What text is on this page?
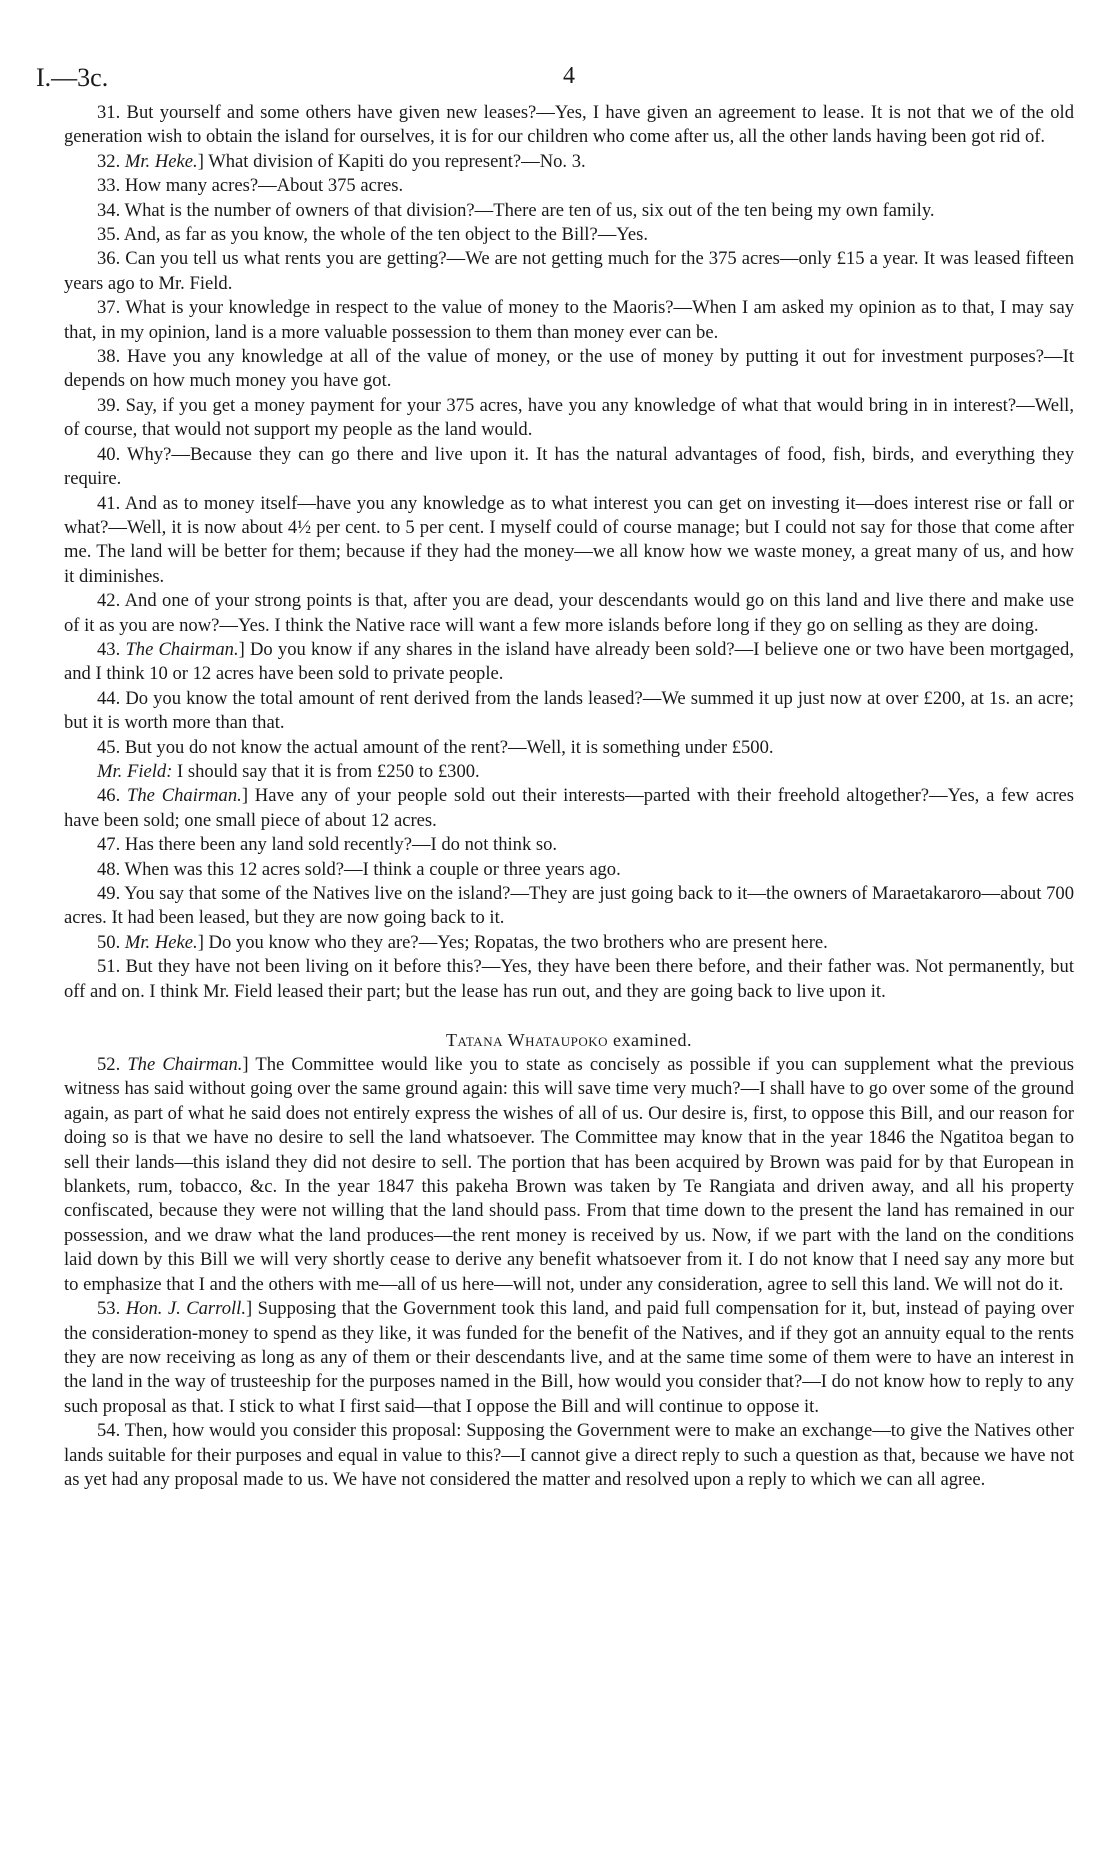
I.—3c.	4

31. But yourself and some others have given new leases?—Yes, I have given an agreement to lease. It is not that we of the old generation wish to obtain the island for ourselves, it is for our children who come after us, all the other lands having been got rid of.

32. Mr. Heke.] What division of Kapiti do you represent?—No. 3.

33. How many acres?—About 375 acres.

34. What is the number of owners of that division?—There are ten of us, six out of the ten being my own family.

35. And, as far as you know, the whole of the ten object to the Bill?—Yes.

36. Can you tell us what rents you are getting?—We are not getting much for the 375 acres—only £15 a year. It was leased fifteen years ago to Mr. Field.

37. What is your knowledge in respect to the value of money to the Maoris?—When I am asked my opinion as to that, I may say that, in my opinion, land is a more valuable possession to them than money ever can be.

38. Have you any knowledge at all of the value of money, or the use of money by putting it out for investment purposes?—It depends on how much money you have got.

39. Say, if you get a money payment for your 375 acres, have you any knowledge of what that would bring in in interest?—Well, of course, that would not support my people as the land would.

40. Why?—Because they can go there and live upon it. It has the natural advantages of food, fish, birds, and everything they require.

41. And as to money itself—have you any knowledge as to what interest you can get on investing it—does interest rise or fall or what?—Well, it is now about 4½ per cent. to 5 per cent. I myself could of course manage; but I could not say for those that come after me. The land will be better for them; because if they had the money—we all know how we waste money, a great many of us, and how it diminishes.

42. And one of your strong points is that, after you are dead, your descendants would go on this land and live there and make use of it as you are now?—Yes. I think the Native race will want a few more islands before long if they go on selling as they are doing.

43. The Chairman.] Do you know if any shares in the island have already been sold?—I believe one or two have been mortgaged, and I think 10 or 12 acres have been sold to private people.

44. Do you know the total amount of rent derived from the lands leased?—We summed it up just now at over £200, at 1s. an acre; but it is worth more than that.

45. But you do not know the actual amount of the rent?—Well, it is something under £500.

Mr. Field: I should say that it is from £250 to £300.

46. The Chairman.] Have any of your people sold out their interests—parted with their freehold altogether?—Yes, a few acres have been sold; one small piece of about 12 acres.

47. Has there been any land sold recently?—I do not think so.

48. When was this 12 acres sold?—I think a couple or three years ago.

49. You say that some of the Natives live on the island?—They are just going back to it—the owners of Maraetakaroro—about 700 acres. It had been leased, but they are now going back to it.

50. Mr. Heke.] Do you know who they are?—Yes; Ropatas, the two brothers who are present here.

51. But they have not been living on it before this?—Yes, they have been there before, and their father was. Not permanently, but off and on. I think Mr. Field leased their part; but the lease has run out, and they are going back to live upon it.

Tatana Whataupoko examined.

52. The Chairman.] The Committee would like you to state as concisely as possible if you can supplement what the previous witness has said without going over the same ground again: this will save time very much?—I shall have to go over some of the ground again, as part of what he said does not entirely express the wishes of all of us. Our desire is, first, to oppose this Bill, and our reason for doing so is that we have no desire to sell the land whatsoever. The Committee may know that in the year 1846 the Ngatitoa began to sell their lands—this island they did not desire to sell. The portion that has been acquired by Brown was paid for by that European in blankets, rum, tobacco, &c. In the year 1847 this pakeha Brown was taken by Te Rangiata and driven away, and all his property confiscated, because they were not willing that the land should pass. From that time down to the present the land has remained in our possession, and we draw what the land produces—the rent money is received by us. Now, if we part with the land on the conditions laid down by this Bill we will very shortly cease to derive any benefit whatsoever from it. I do not know that I need say any more but to emphasize that I and the others with me—all of us here—will not, under any consideration, agree to sell this land. We will not do it.

53. Hon. J. Carroll.] Supposing that the Government took this land, and paid full compensation for it, but, instead of paying over the consideration-money to spend as they like, it was funded for the benefit of the Natives, and if they got an annuity equal to the rents they are now receiving as long as any of them or their descendants live, and at the same time some of them were to have an interest in the land in the way of trusteeship for the purposes named in the Bill, how would you consider that?—I do not know how to reply to any such proposal as that. I stick to what I first said—that I oppose the Bill and will continue to oppose it.

54. Then, how would you consider this proposal: Supposing the Government were to make an exchange—to give the Natives other lands suitable for their purposes and equal in value to this?—I cannot give a direct reply to such a question as that, because we have not as yet had any proposal made to us. We have not considered the matter and resolved upon a reply to which we can all agree.
